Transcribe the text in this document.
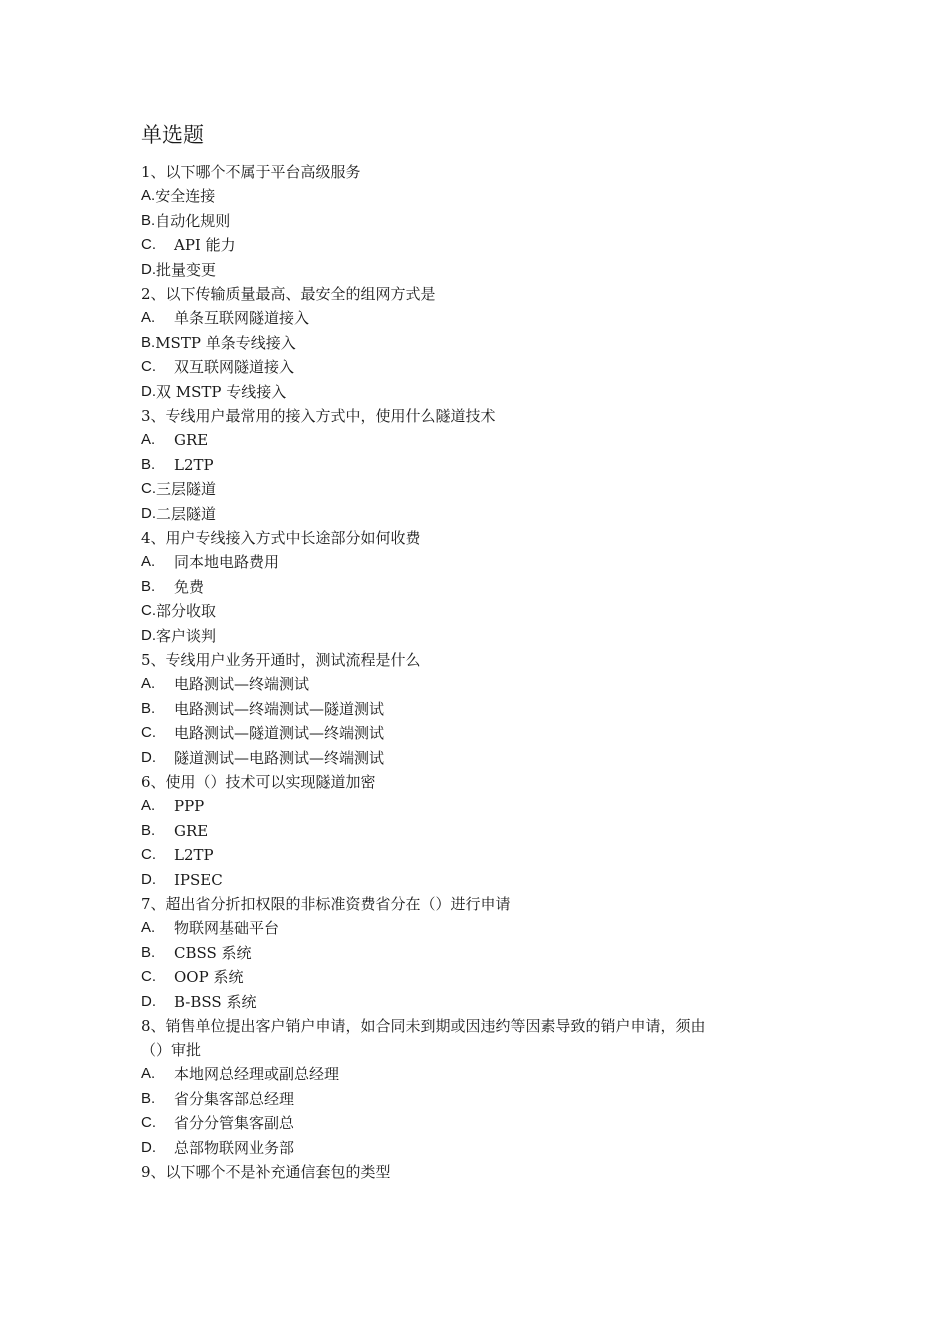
单选题
1、以下哪个不属于平台高级服务
A. 安全连接
B. 自动化规则
C.	API 能力
D. 批量变更
2、以下传输质量最高、最安全的组网方式是
A.	单条互联网隧道接入
B. MSTP 单条专线接入
C.	双互联网隧道接入
D. 双 MSTP 专线接入
3、专线用户最常用的接入方式中，使用什么隧道技术
A.	GRE
B.	L2TP
C. 三层隧道
D. 二层隧道
4、用户专线接入方式中长途部分如何收费
A.	同本地电路费用
B.	免费
C. 部分收取
D. 客户谈判
5、专线用户业务开通时，测试流程是什么
A.	电路测试—终端测试
B.	电路测试—终端测试—隧道测试
C.	电路测试—隧道测试—终端测试
D.	隧道测试—电路测试—终端测试
6、使用（）技术可以实现隧道加密
A.	PPP
B.	GRE
C.	L2TP
D.	IPSEC
7、超出省分折扣权限的非标准资费省分在（）进行申请
A.	物联网基础平台
B.	CBSS 系统
C.	OOP 系统
D.	B-BSS 系统
8、销售单位提出客户销户申请，如合同未到期或因违约等因素导致的销户申请，须由
（）审批
A.	本地网总经理或副总经理
B.	省分集客部总经理
C.	省分分管集客副总
D.	总部物联网业务部
9、以下哪个不是补充通信套包的类型
